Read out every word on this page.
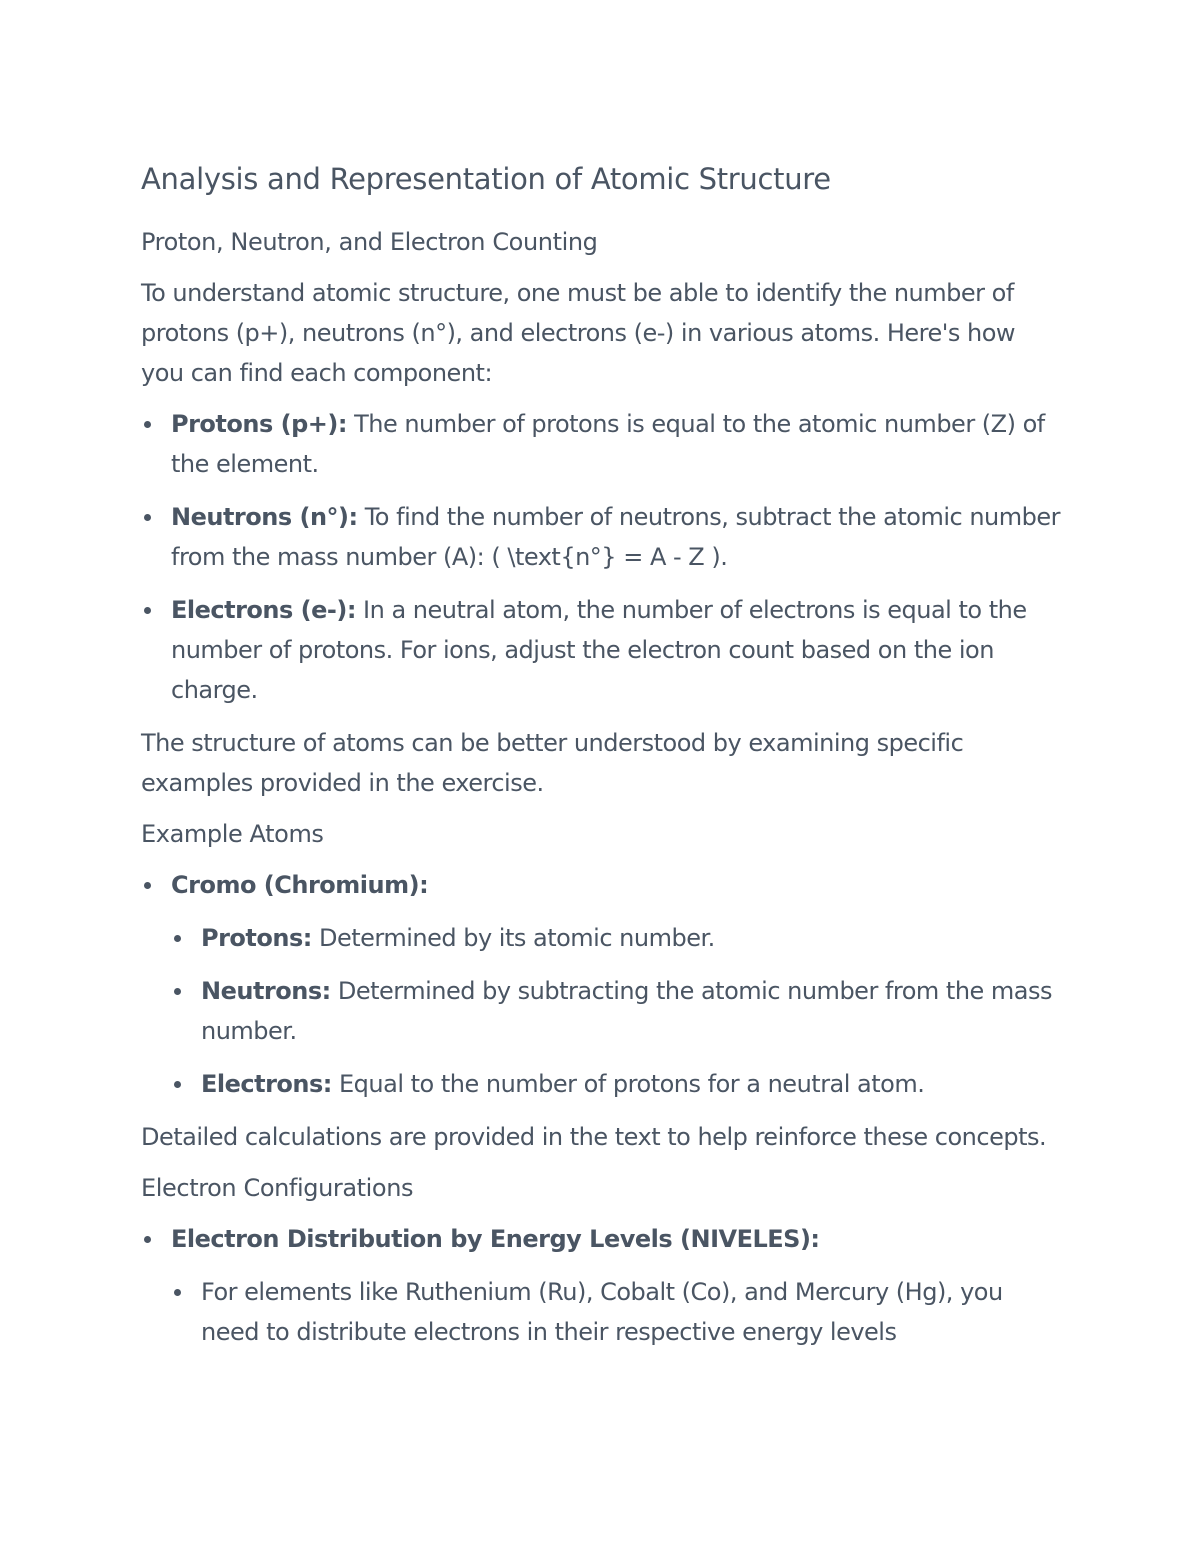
Analysis and Representation of Atomic Structure
Proton, Neutron, and Electron Counting

To understand atomic structure, one must be able to identify the number of protons (p+), neutrons (n°), and electrons (e-) in various atoms. Here's how you can find each component:

Protons (p+): The number of protons is equal to the atomic number (Z) of the element.
Neutrons (n°): To find the number of neutrons, subtract the atomic number from the mass number (A): ( \text{n°} = A - Z ).
Electrons (e-): In a neutral atom, the number of electrons is equal to the number of protons. For ions, adjust the electron count based on the ion charge.

The structure of atoms can be better understood by examining specific examples provided in the exercise.

Example Atoms
Cromo (Chromium):
Protons: Determined by its atomic number.
Neutrons: Determined by subtracting the atomic number from the mass number.
Electrons: Equal to the number of protons for a neutral atom.

Detailed calculations are provided in the text to help reinforce these concepts.

Electron Configurations
Electron Distribution by Energy Levels (NIVELES):
For elements like Ruthenium (Ru), Cobalt (Co), and Mercury (Hg), you need to distribute electrons in their respective energy levels
